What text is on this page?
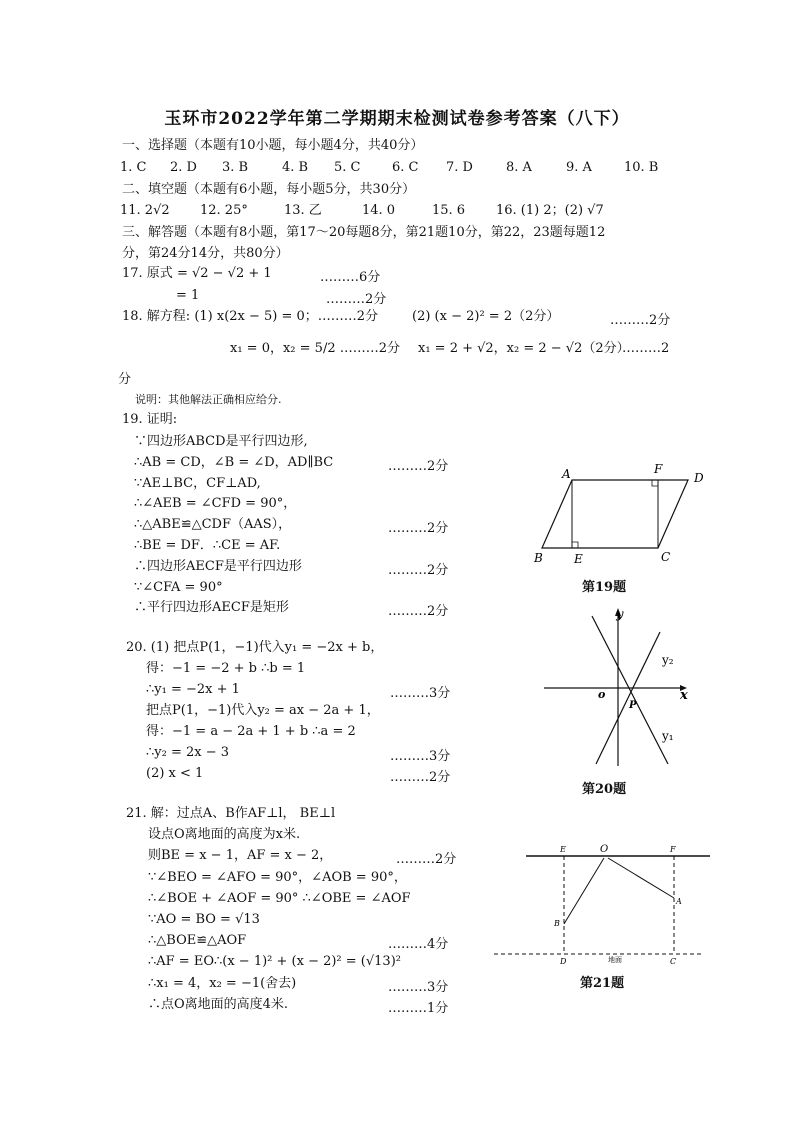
玉环市2022学年第二学期期末检测试卷参考答案（八下）
一、选择题（本题有10小题，每小题4分，共40分）
1. C 2. D 3. B	4. B 5. C 6. C 7. D	8. A	9. A 10. B
二、填空题（本题有6小题，每小题5分，共30分）
11. 2√2 12. 25°	13. 乙	14. 0	15. 6 16. (1) 2；(2) √7
三、解答题（本题有8小题，第17～20每题8分，第21题10分，第22，23题每题12
分，第24分14分，共80分）
17. 原式 = √2 − √2 + 1	………6分
= 1	………2分
18. 解方程: (1) x(2x − 5) = 0；………2分	(2) (x − 2)² = 2（2分）	………2分
x₁ = 0，x₂ = 5/2 ………2分 x₁ = 2 + √2，x₂ = 2 − √2（2分）
………2
分
说明：其他解法正确相应给分.
19. 证明:
∵四边形ABCD是平行四边形,
∴AB = CD，∠B = ∠D，AD∥BC	………2分
∵AE⊥BC，CF⊥AD,
∴∠AEB = ∠CFD = 90°，
∴△ABE≌△CDF（AAS），	………2分
∴BE = DF．∴CE = AF.
∴四边形AECF是平行四边形	………2分
∵∠CFA = 90°
∴平行四边形AECF是矩形	………2分
A	F
D
B	E	C
第19题
20. (1) 把点P(1，−1)代入y₁ = −2x + b，
得：−1 = −2 + b ∴b = 1
∴y₁ = −2x + 1	………3分
把点P(1，−1)代入y₂ = ax − 2a + 1，
得：−1 = a − 2a + 1 + b ∴a = 2
∴y₂ = 2x − 3	………3分
(2) x < 1	………2分
y
x
o
P
y₂
y₁
第20题
21. 解：过点A、B作AF⊥l， BE⊥l
设点O离地面的高度为x米.
则BE = x − 1，AF = x − 2，	………2分
∵∠BEO = ∠AFO = 90°，∠AOB = 90°，
∴∠BOE + ∠AOF = 90° ∴∠OBE = ∠AOF
∵AO = BO = √13
∴△BOE≌△AOF	………4分
∴AF = EO∴(x − 1)² + (x − 2)² = (√13)²
∴x₁ = 4，x₂ = −1(舍去)	………3分
∴点O离地面的高度4米.	………1分
E	O	F
B
A
D	C
地面
第21题
